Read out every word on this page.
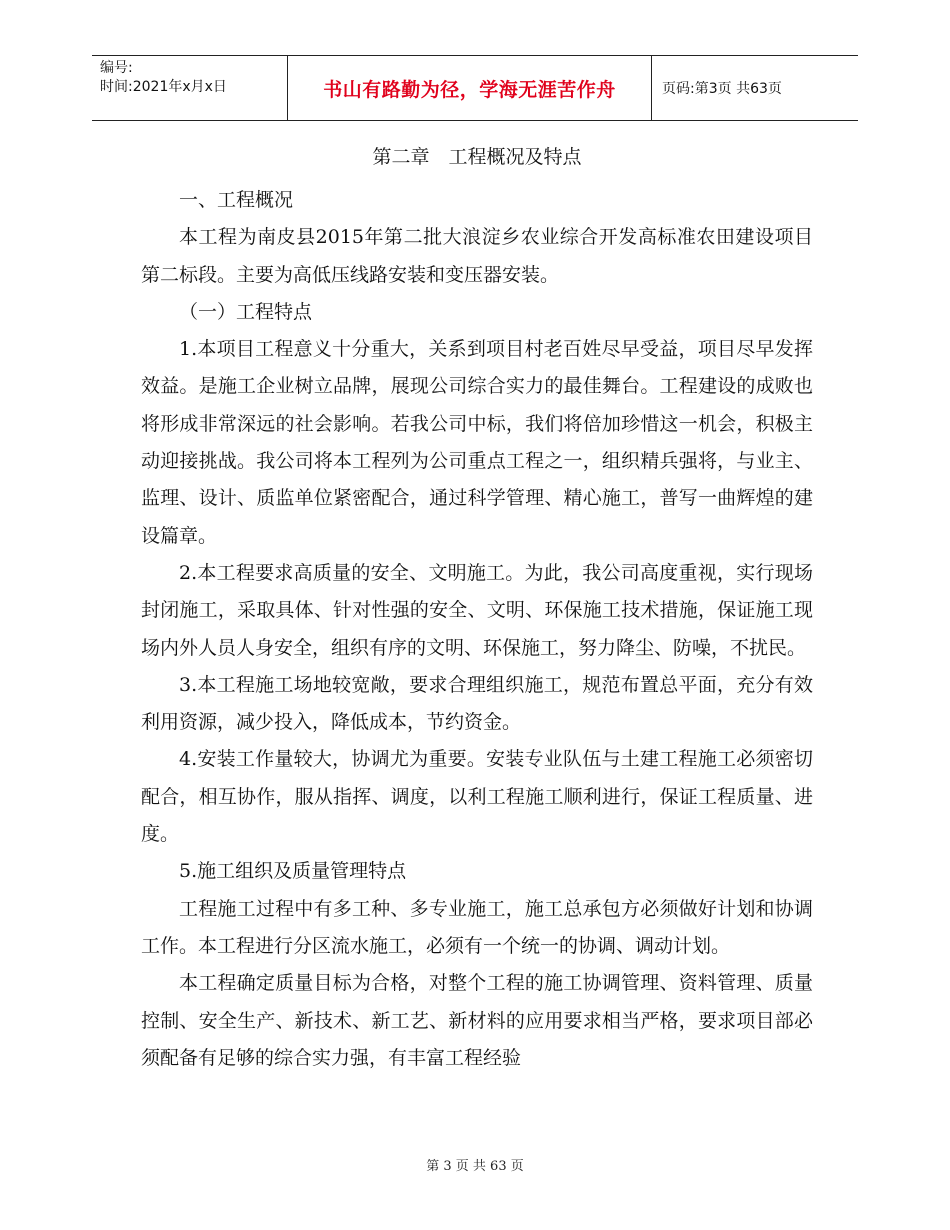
编号:
时间:2021年x月x日	书山有路勤为径，学海无涯苦作舟	页码:第3页 共63页
第二章　工程概况及特点

一、工程概况

本工程为南皮县2015年第二批大浪淀乡农业综合开发高标准农田建设项目第二标段。主要为高低压线路安装和变压器安装。

（一）工程特点

1.本项目工程意义十分重大，关系到项目村老百姓尽早受益，项目尽早发挥效益。是施工企业树立品牌，展现公司综合实力的最佳舞台。工程建设的成败也将形成非常深远的社会影响。若我公司中标，我们将倍加珍惜这一机会，积极主动迎接挑战。我公司将本工程列为公司重点工程之一，组织精兵强将，与业主、监理、设计、质监单位紧密配合，通过科学管理、精心施工，普写一曲辉煌的建设篇章。

2.本工程要求高质量的安全、文明施工。为此，我公司高度重视，实行现场封闭施工，采取具体、针对性强的安全、文明、环保施工技术措施，保证施工现场内外人员人身安全，组织有序的文明、环保施工，努力降尘、防噪，不扰民。

3.本工程施工场地较宽敞，要求合理组织施工，规范布置总平面，充分有效利用资源，减少投入，降低成本，节约资金。

4.安装工作量较大，协调尤为重要。安装专业队伍与土建工程施工必须密切配合，相互协作，服从指挥、调度，以利工程施工顺利进行，保证工程质量、进度。

5.施工组织及质量管理特点

工程施工过程中有多工种、多专业施工，施工总承包方必须做好计划和协调工作。本工程进行分区流水施工，必须有一个统一的协调、调动计划。

本工程确定质量目标为合格，对整个工程的施工协调管理、资料管理、质量控制、安全生产、新技术、新工艺、新材料的应用要求相当严格，要求项目部必须配备有足够的综合实力强，有丰富工程经验

第 3 页 共 63 页
